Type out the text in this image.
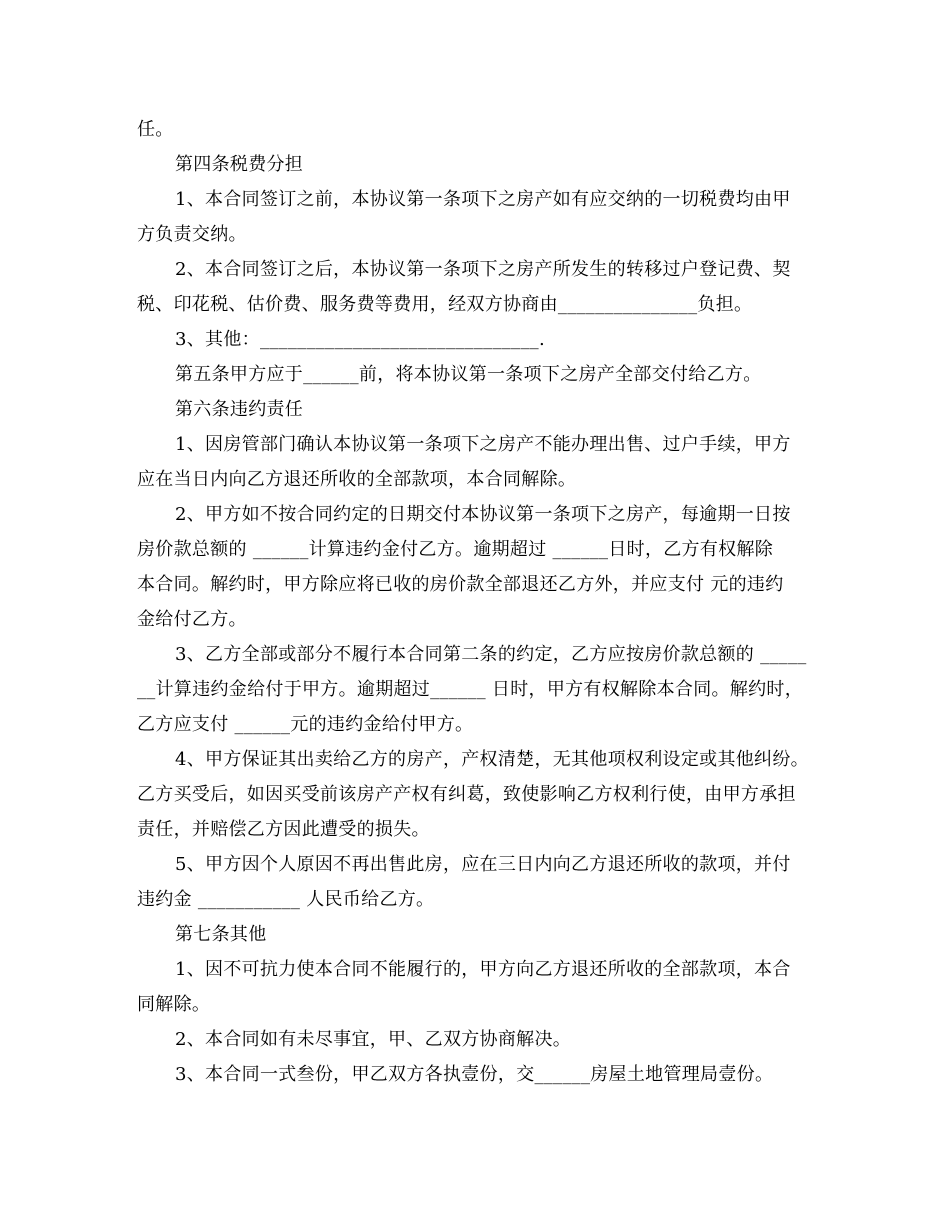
任。
第四条税费分担
1、本合同签订之前，本协议第一条项下之房产如有应交纳的一切税费均由甲
方负责交纳。
2、本合同签订之后，本协议第一条项下之房产所发生的转移过户登记费、契
税、印花税、估价费、服务费等费用，经双方协商由_______________负担。
3、其他：______________________________.
第五条甲方应于______前，将本协议第一条项下之房产全部交付给乙方。
第六条违约责任
1、因房管部门确认本协议第一条项下之房产不能办理出售、过户手续，甲方
应在当日内向乙方退还所收的全部款项，本合同解除。
2、甲方如不按合同约定的日期交付本协议第一条项下之房产，每逾期一日按
房价款总额的 ______计算违约金付乙方。逾期超过 ______日时，乙方有权解除
本合同。解约时，甲方除应将已收的房价款全部退还乙方外，并应支付 元的违约
金给付乙方。
3、乙方全部或部分不履行本合同第二条的约定，乙方应按房价款总额的 _____
__计算违约金给付于甲方。逾期超过______ 日时，甲方有权解除本合同。解约时，
乙方应支付 ______元的违约金给付甲方。
4、甲方保证其出卖给乙方的房产，产权清楚，无其他项权利设定或其他纠纷。
乙方买受后，如因买受前该房产产权有纠葛，致使影响乙方权利行使，由甲方承担
责任，并赔偿乙方因此遭受的损失。
5、甲方因个人原因不再出售此房，应在三日内向乙方退还所收的款项，并付
违约金 ___________ 人民币给乙方。
第七条其他
1、因不可抗力使本合同不能履行的，甲方向乙方退还所收的全部款项，本合
同解除。
2、本合同如有未尽事宜，甲、乙双方协商解决。
3、本合同一式叁份，甲乙双方各执壹份，交______房屋土地管理局壹份。
